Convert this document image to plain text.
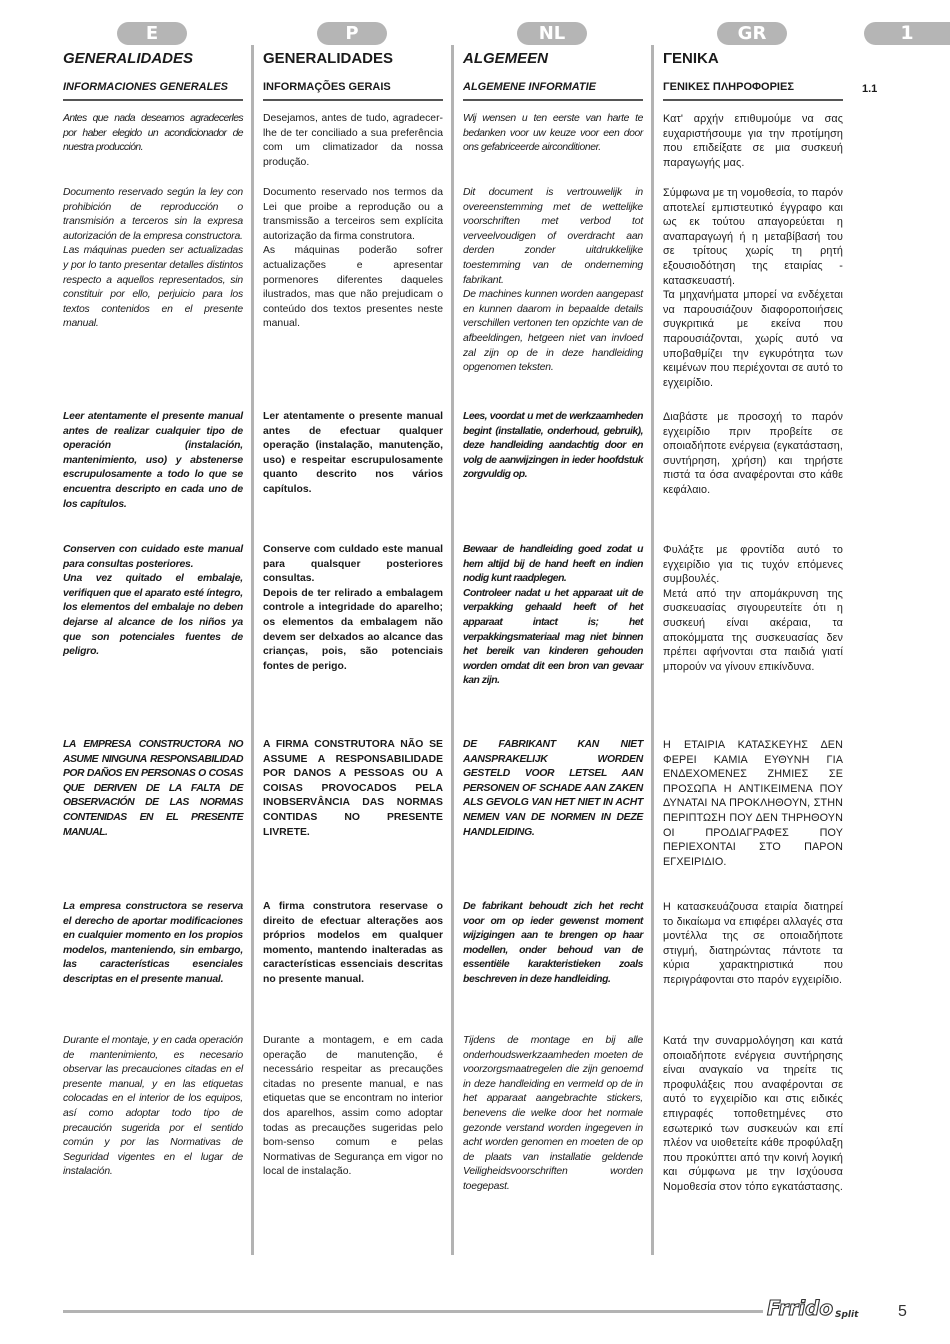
E	P	NL	GR	1
1.1
GENERALIDADES
INFORMACIONES GENERALES
Antes que nada deseamos agradecerles por haber elegido un acondicionador de nuestra producción.
Documento reservado según la ley con prohibición de reproducción o transmisión a terceros sin la expresa autorización de la empresa constructora.
Las máquinas pueden ser actualizadas y por lo tanto presentar detalles distintos respecto a aquellos representados, sin constituir por ello, perjuicio para los textos contenidos en el presente manual.
Leer atentamente el presente manual antes de realizar cualquier tipo de operación (instalación, mantenimiento, uso) y abstenerse escrupulosamente a todo lo que se encuentra descripto en cada uno de los capítulos.
Conserven con cuidado este manual para consultas posteriores.
Una vez quitado el embalaje, verifiquen que el aparato esté íntegro, los elementos del embalaje no deben dejarse al alcance de los niños ya que son potenciales fuentes de peligro.
LA EMPRESA CONSTRUCTORA NO ASUME NINGUNA RESPONSABILIDAD POR DAÑOS EN PERSONAS O COSAS QUE DERIVEN DE LA FALTA DE OBSERVACIÓN DE LAS NORMAS CONTENIDAS EN EL PRESENTE MANUAL.
La empresa constructora se reserva el derecho de aportar modificaciones en cualquier momento en los propios modelos, manteniendo, sin embargo, las características esenciales descriptas en el presente manual.
Durante el montaje, y en cada operación de mantenimiento, es necesario observar las precauciones citadas en el presente manual, y en las etiquetas colocadas en el interior de los equipos, así como adoptar todo tipo de precaución sugerida por el sentido común y por las Normativas de Seguridad vigentes en el lugar de instalación.
GENERALIDADES
INFORMAÇÕES GERAIS
Desejamos, antes de tudo, agradecer-lhe de ter conciliado a sua preferência com um climatizador da nossa produção.
Documento reservado nos termos da Lei que proibe a reprodução ou a transmissão a terceiros sem explícita autorização da firma construtora.
As máquinas poderão sofrer actualizações e apresentar pormenores diferentes daqueles ilustrados, mas que não prejudicam o conteúdo dos textos presentes neste manual.
Ler atentamente o presente manual antes de efectuar qualquer operação (instalação, manutenção, uso) e respeitar escrupulosamente quanto descrito nos vários capítulos.
Conserve com culdado este manual para qualsquer posteriores consultas.
Depois de ter relirado a embalagem controle a integridade do aparelho; os elementos da embalagem não devem ser delxados ao alcance das crianças, pois, são potenciais fontes de perigo.
A FIRMA CONSTRUTORA NÃO SE ASSUME A RESPONSABILIDADE POR DANOS A PESSOAS OU A COISAS PROVOCADOS PELA INOBSERVÂNCIA DAS NORMAS CONTIDAS NO PRESENTE LIVRETE.
A firma construtora reservase o direito de efectuar alterações aos próprios modelos em qualquer momento, mantendo inalteradas as características essenciais descritas no presente manual.
Durante a montagem, e em cada operação de manutenção, é necessário respeitar as precauções citadas no presente manual, e nas etiquetas que se encontram no interior dos aparelhos, assim como adoptar todas as precauções sugeridas pelo bom-senso comum e pelas Normativas de Segurança em vigor no local de instalação.
ALGEMEEN
ALGEMENE INFORMATIE
Wij wensen u ten eerste van harte te bedanken voor uw keuze voor een door ons gefabriceerde airconditioner.
Dit document is vertrouwelijk in overeenstemming met de wettelijke voorschriften met verbod tot verveelvoudigen of overdracht aan derden zonder uitdrukkelijke toestemming van de onderneming fabrikant.
De machines kunnen worden aangepast en kunnen daarom in bepaalde details verschillen vertonen ten opzichte van de afbeeldingen, hetgeen niet van invloed zal zijn op de in deze handleiding opgenomen teksten.
Lees, voordat u met de werkzaamheden begint (installatie, onderhoud, gebruik), deze handleiding aandachtig door en volg de aanwijzingen in ieder hoofdstuk zorgvuldig op.
Bewaar de handleiding goed zodat u hem altijd bij de hand heeft en indien nodig kunt raadplegen.
Controleer nadat u het apparaat uit de verpakking gehaald heeft of het apparaat intact is; het verpakkingsmateriaal mag niet binnen het bereik van kinderen gehouden worden omdat dit een bron van gevaar kan zijn.
DE FABRIKANT KAN NIET AANSPRAKELIJK WORDEN GESTELD VOOR LETSEL AAN PERSONEN OF SCHADE AAN ZAKEN ALS GEVOLG VAN HET NIET IN ACHT NEMEN VAN DE NORMEN IN DEZE HANDLEIDING.
De fabrikant behoudt zich het recht voor om op ieder gewenst moment wijzigingen aan te brengen op haar modellen, onder behoud van de essentiële karakteristieken zoals beschreven in deze handleiding.
Tijdens de montage en bij alle onderhoudswerkzaamheden moeten de voorzorgsmaatregelen die zijn genoemd in deze handleiding en vermeld op de in het apparaat aangebrachte stickers, benevens die welke door het normale gezonde verstand worden ingegeven in acht worden genomen en moeten de op de plaats van installatie geldende Veiligheidsvoorschriften worden toegepast.
ΓΕΝΙΚΑ
ΓΕΝΙΚΕΣ ΠΛΗΡΟΦΟΡΙΕΣ
Κατ' αρχήν επιθυμούμε να σας ευχαριστήσουμε για την προτίμηση που επιδείξατε σε μια συσκευή παραγωγής μας.
Σύμφωνα με τη νομοθεσία, το παρόν αποτελεί εμπιστευτικό έγγραφο και ως εκ τούτου απαγορεύεται η αναπαραγωγή ή η μεταβίβασή του σε τρίτους χωρίς τη ρητή εξουσιοδότηση της εταιρίας - κατασκευαστή.
Τα μηχανήματα μπορεί να ενδέχεται να παρουσιάζουν διαφοροποιήσεις συγκριτικά με εκείνα που παρουσιάζονται, χωρίς αυτό να υποβαθμίζει την εγκυρότητα των κειμένων που περιέχονται σε αυτό το εγχειρίδιο.
Διαβάστε με προσοχή το παρόν εγχειρίδιο πριν προβείτε σε οποιαδήποτε ενέργεια (εγκατάσταση, συντήρηση, χρήση) και τηρήστε πιστά τα όσα αναφέρονται στο κάθε κεφάλαιο.
Φυλάξτε με φροντίδα αυτό το εγχειρίδιο για τις τυχόν επόμενες συμβουλές.
Μετά από την απομάκρυνση της συσκευασίας σιγουρευτείτε ότι η συσκευή είναι ακέραια, τα αποκόμματα της συσκευασίας δεν πρέπει αφήνονται στα παιδιά γιατί μπορούν να γίνουν επικίνδυνα.
Η ΕΤΑΙΡΙΑ ΚΑΤΑΣΚΕΥΗΣ ΔΕΝ ΦΕΡΕΙ ΚΑΜΙΑ ΕΥΘΥΝΗ ΓΙΑ ΕΝΔΕΧΟΜΕΝΕΣ ΖΗΜΙΕΣ ΣΕ ΠΡΟΣΩΠΑ Η ΑΝΤΙΚΕΙΜΕΝΑ ΠΟΥ ΔΥΝΑΤΑΙ ΝΑ ΠΡΟΚΛΗΘΟΥΝ, ΣΤΗΝ ΠΕΡΙΠΤΩΣΗ ΠΟΥ ΔΕΝ ΤΗΡΗΘΟΥΝ ΟΙ ΠΡΟΔΙΑΓΡΑΦΕΣ ΠΟΥ ΠΕΡΙΕΧΟΝΤΑΙ ΣΤΟ ΠΑΡΟΝ ΕΓΧΕΙΡΙΔΙΟ.
Η κατασκευάζουσα εταιρία διατηρεί το δικαίωμα να επιφέρει αλλαγές στα μοντέλλα της σε οποιαδήποτε στιγμή, διατηρώντας πάντοτε τα κύρια χαρακτηριστικά που περιγράφονται στο παρόν εγχειρίδιο.
Κατά την συναρμολόγηση και κατά οποιαδήποτε ενέργεια συντήρησης είναι αναγκαίο να τηρείτε τις προφυλάξεις που αναφέρονται σε αυτό το εγχειρίδιο και στις ειδικές επιγραφές τοποθετημένες στο εσωτερικό των συσκευών και επί πλέον να υιοθετείτε κάθε προφύλαξη που προκύπτει από την κοινή λογική και σύμφωνα με την Ισχύουσα Νομοθεσία στον τόπο εγκατάστασης.
Frrido Split 5
